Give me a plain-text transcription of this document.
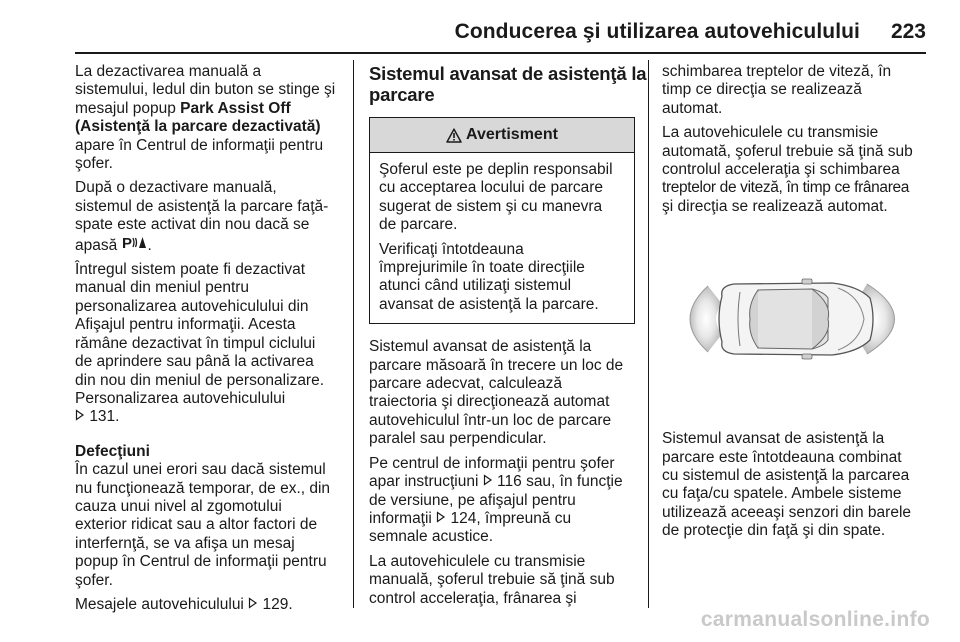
Conducerea şi utilizarea autovehiculului 223

La dezactivarea manuală a
sistemului, ledul din buton se stinge şi
mesajul popup Park Assist Off
(Asistenţă la parcare dezactivată)
apare în Centrul de informaţii pentru
şofer.

După o dezactivare manuală,
sistemul de asistenţă la parcare faţă-
spate este activat din nou dacă se
apasă P .

Întregul sistem poate fi dezactivat
manual din meniul pentru
personalizarea autovehiculului din
Afişajul pentru informaţii. Acesta
rămâne dezactivat în timpul ciclului
de aprindere sau până la activarea
din nou din meniul de personalizare.
Personalizarea autovehiculului
131.

Defecţiuni

În cazul unei erori sau dacă sistemul
nu funcţionează temporar, de ex., din
cauza unui nivel al zgomotului
exterior ridicat sau a altor factori de
interfernţă, se va afişa un mesaj
popup în Centrul de informaţii pentru
şofer.

Mesajele autovehiculului  129.

Sistemul avansat de asistenţă la
parcare
Avertisment

Şoferul este pe deplin responsabil
cu acceptarea locului de parcare
sugerat de sistem şi cu manevra
de parcare.

Verificaţi întotdeauna
împrejurimile în toate direcţiile
atunci când utilizaţi sistemul
avansat de asistenţă la parcare.

Sistemul avansat de asistenţă la
parcare măsoară în trecere un loc de
parcare adecvat, calculează
traiectoria şi direcţionează automat
autovehiculul într-un loc de parcare
paralel sau perpendicular.

Pe centrul de informaţii pentru şofer
apar instrucţiuni  116 sau, în funcţie
de versiune, pe afişajul pentru
informaţii  124, împreună cu
semnale acustice.

La autovehiculele cu transmisie
manuală, şoferul trebuie să ţină sub
control acceleraţia, frânarea şi

schimbarea treptelor de viteză, în
timp ce direcţia se realizează
automat.

La autovehiculele cu transmisie
automată, şoferul trebuie să ţină sub
controlul acceleraţia şi schimbarea
treptelor de viteză, în timp ce frânarea
şi direcţia se realizează automat.

Sistemul avansat de asistenţă la
parcare este întotdeauna combinat
cu sistemul de asistenţă la parcarea
cu faţa/cu spatele. Ambele sisteme
utilizează aceeaşi senzori din barele
de protecţie din faţă şi din spate.

carmanualsonline.info
